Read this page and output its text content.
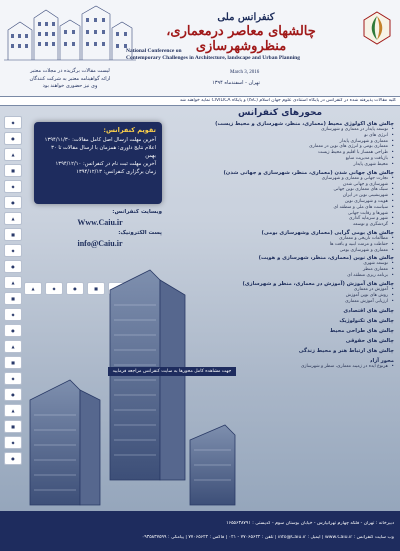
کنفرانس ملی
چالشهای معاصر درمعماری، منظروشهرسازی
National Conference on
Contemporary Challenges in Architecture, landscape and Urban Planning
March 3, 2016
تهران - اسفندماه ۱۳۹۴
لیست مقالات برگزیده در مجلات معتبر
ارائه گواهینامه معتبر به شرکت کنندگان
وی نیز حضوری خواهند بود
کلیه مقالات پذیرفته شده در کنفرانس در پایگاه استنادی علوم جهان اسلام (ISC) و پایگاه CIVILICA نمایه خواهند شد
◆
●
▲
■
◆
●
▲
■
◆
●
▲
■
◆
●
▲
■
◆
●
▲
■
◆
●
▲	◆	●	■
تقویم کنفرانس:
آخرین مهلت ارسال اصل کامل مقالات: ۱۳۹۴/۱۱/۳۰
اعلام نتایج داوری: همزمان با ارسال مقالات تا ۳۰ بهمن
آخرین مهلت ثبت نام در کنفرانس: ۱۳۹۴/۱۲/۱۰
زمان برگزاری کنفرانس: ۱۳۹۴/۱۲/۱۳
وبسایت کنفرانس:
Www.Caiu.ir
پست الکترونیک:
info@Caiu.ir
جهت مشاهده کامل محورها به سایت کنفرانس مراجعه فرمایید
محورهای کنفرانس
چالش های اکولوژی محیط (معماری، منظر، شهرسازی و محیط زیست)
• توسعه پایدار در معماری و شهرسازی
• انرژی های نو
• معماری و شهرسازی پایدار
• معماری بومی و انرژی های نوین در معماری
• طراحی همساز با اقلیم و محیط زیست
• بازیافت و مدیریت منابع
• محیط شهری پایدار
چالش های جهانی شدن (معماری، منظر، شهرسازی و جهانی شدن)
• تجارت جهانی و معماری و شهرسازی
• شهرسازی و جهانی شدن
• سبک های معماری نوین جهانی
• شهرنشینی نوین در ایران
• هویت و شهرسازی نوین
• سیاست های ملی و منطقه ای
• شهرها و رقابت جهانی
• شهر و سرمایه گذاری
• گردشگری و توسعه
چالش های بومی گرایی (معماری وشهرسازی بومی)
• مطالعات تاریخی و معماری
• حفاظت و مرمت ابنیه و بافت ها
• معماری و شهرسازی بومی
چالش های نوین (معماری، منظر، شهرسازی و هویت)
• توسعه شهری
• معماری منظر
• برنامه ریزی منطقه ای
چالش های آموزش (آموزش در معماری، منظر و شهرسازی)
• آموزش در معماری
• روش های نوین آموزش
• ارزیابی آموزش معماری
چالش های اقتصادی
چالش های تکنولوژیک
چالش های طراحی محیط
چالش های حقوقی
چالش های ارتباط هنر و محیط زندگی
محور آزاد
• هرنوع ایده در زمینه معماری، منظر و شهرسازی
دبیرخانه : تهران - فلکه چهارم تهرانپارس - خیابان بوستان سوم - کدپستی : ۱۶۵۵۶۳۸۷۹۱
وب سایت کنفرانس : www.Caiu.ir | ایمیل : info@Caiu.ir | تلفن : ۷۷۰۶۵۶۲۲ - ۰۲۱ | فاکس : ۷۷۰۶۵۶۲۲ | پیامکی : ۰۹۳۵۸۳۷۵۹۹
